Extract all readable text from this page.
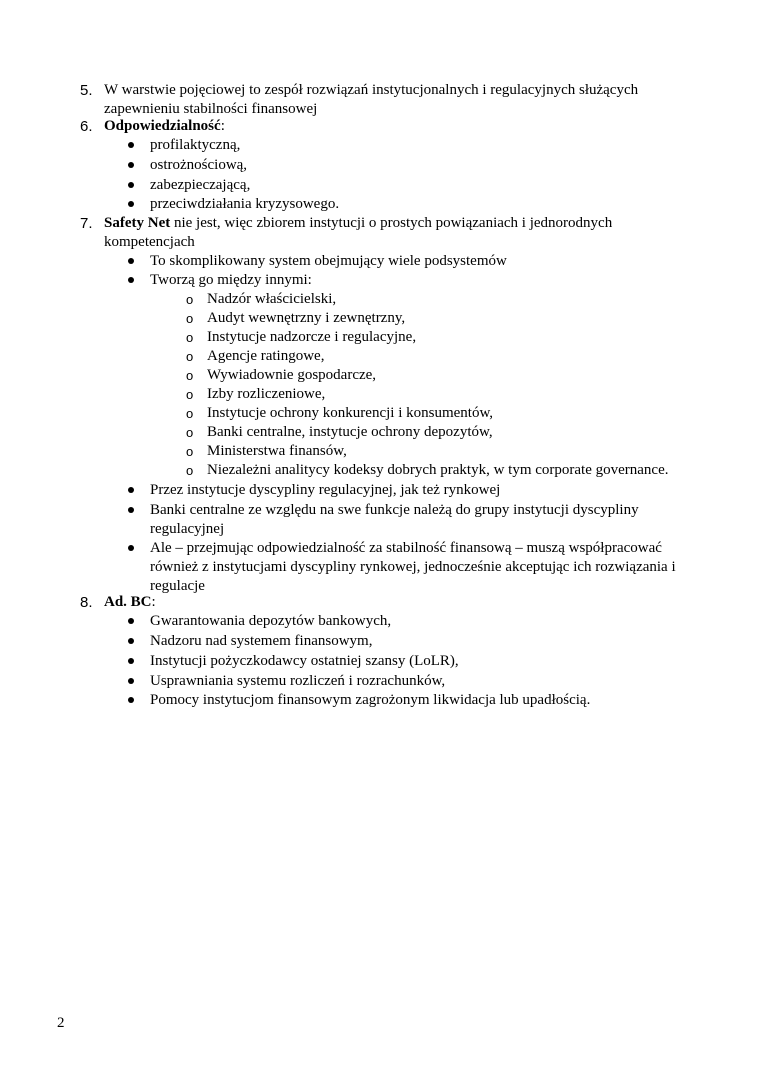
5. W warstwie pojęciowej to zespół rozwiązań instytucjonalnych i regulacyjnych służących
zapewnieniu stabilności finansowej
6. Odpowiedzialność:
profilaktyczną,
ostrożnościową,
zabezpieczającą,
przeciwdziałania kryzysowego.
7. Safety Net nie jest, więc zbiorem instytucji o prostych powiązaniach i jednorodnych
kompetencjach
To skomplikowany system obejmujący wiele podsystemów
Tworzą go między innymi:
o Nadzór właścicielski,
o Audyt wewnętrzny i zewnętrzny,
o Instytucje nadzorcze i regulacyjne,
o Agencje ratingowe,
o Wywiadownie gospodarcze,
o Izby rozliczeniowe,
o Instytucje ochrony konkurencji i konsumentów,
o Banki centralne, instytucje ochrony depozytów,
o Ministerstwa finansów,
o Niezależni analitycy kodeksy dobrych praktyk, w tym corporate governance.
Przez instytucje dyscypliny regulacyjnej, jak też rynkowej
Banki centralne ze względu na swe funkcje należą do grupy instytucji dyscypliny
regulacyjnej
Ale – przejmując odpowiedzialność za stabilność finansową – muszą współpracować
również z instytucjami dyscypliny rynkowej, jednocześnie akceptując ich rozwiązania i
regulacje
8. Ad. BC:
Gwarantowania depozytów bankowych,
Nadzoru nad systemem finansowym,
Instytucji pożyczkodawcy ostatniej szansy (LoLR),
Usprawniania systemu rozliczeń i rozrachunków,
Pomocy instytucjom finansowym zagrożonym likwidacja lub upadłością.
2
